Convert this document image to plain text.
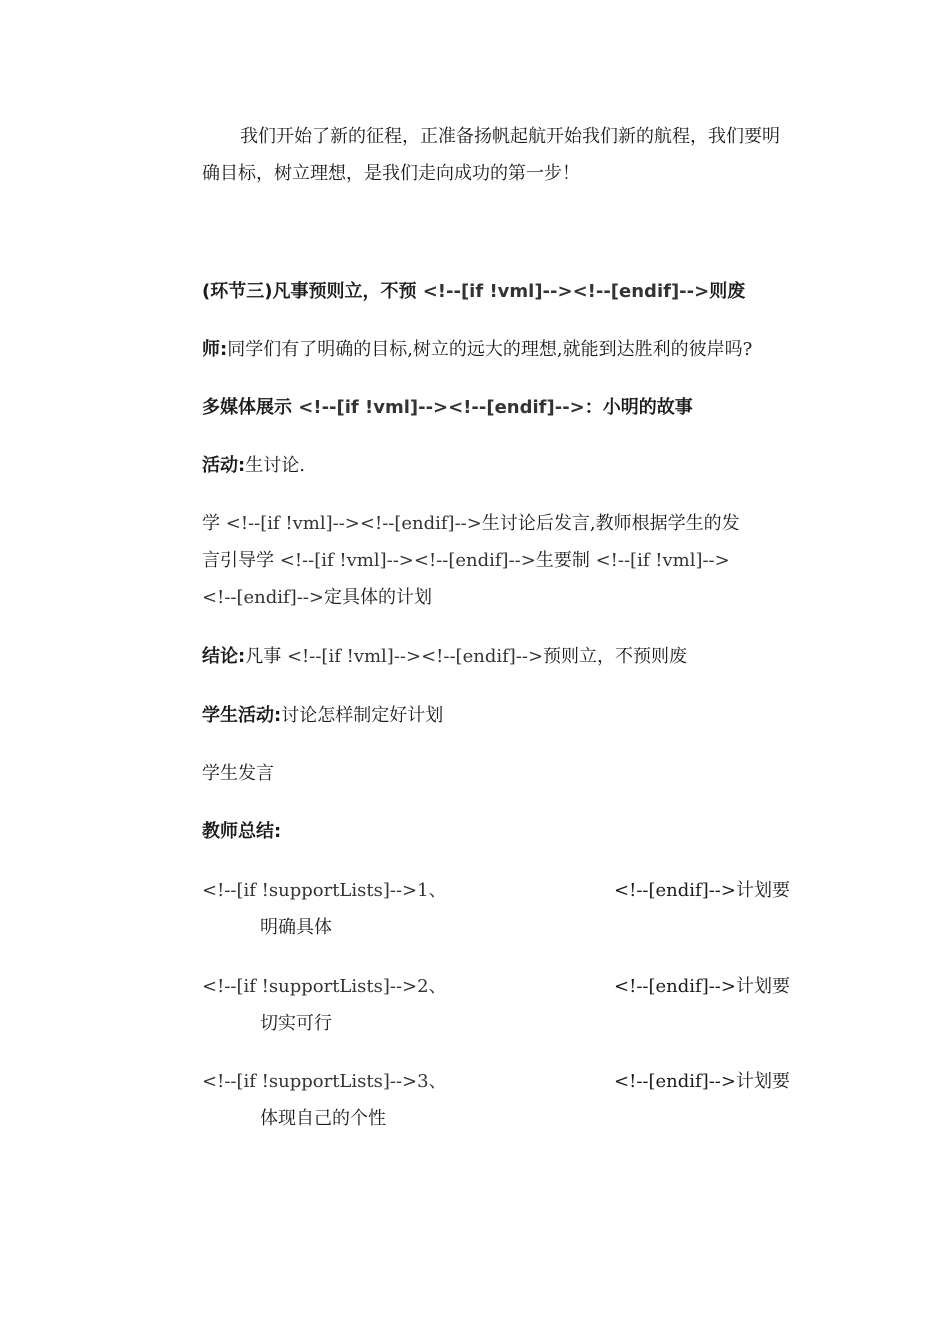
我们开始了新的征程，正准备扬帆起航开始我们新的航程，我们要明
确目标，树立理想，是我们走向成功的第一步！
(环节三)凡事预则立，不预 <!--[if !vml]--><!--[endif]-->则废
师:同学们有了明确的目标,树立的远大的理想,就能到达胜利的彼岸吗?
多媒体展示 <!--[if !vml]--><!--[endif]-->：小明的故事
活动:生讨论.
学 <!--[if !vml]--><!--[endif]-->生讨论后发言,教师根据学生的发
言引导学 <!--[if !vml]--><!--[endif]-->生要制 <!--[if !vml]-->
<!--[endif]-->定具体的计划
结论:凡事 <!--[if !vml]--><!--[endif]-->预则立，不预则废
学生活动:讨论怎样制定好计划
学生发言
教师总结:
<!--[if !supportLists]-->1、	<!--[endif]-->计划要
明确具体
<!--[if !supportLists]-->2、	<!--[endif]-->计划要
切实可行
<!--[if !supportLists]-->3、	<!--[endif]-->计划要
体现自己的个性
